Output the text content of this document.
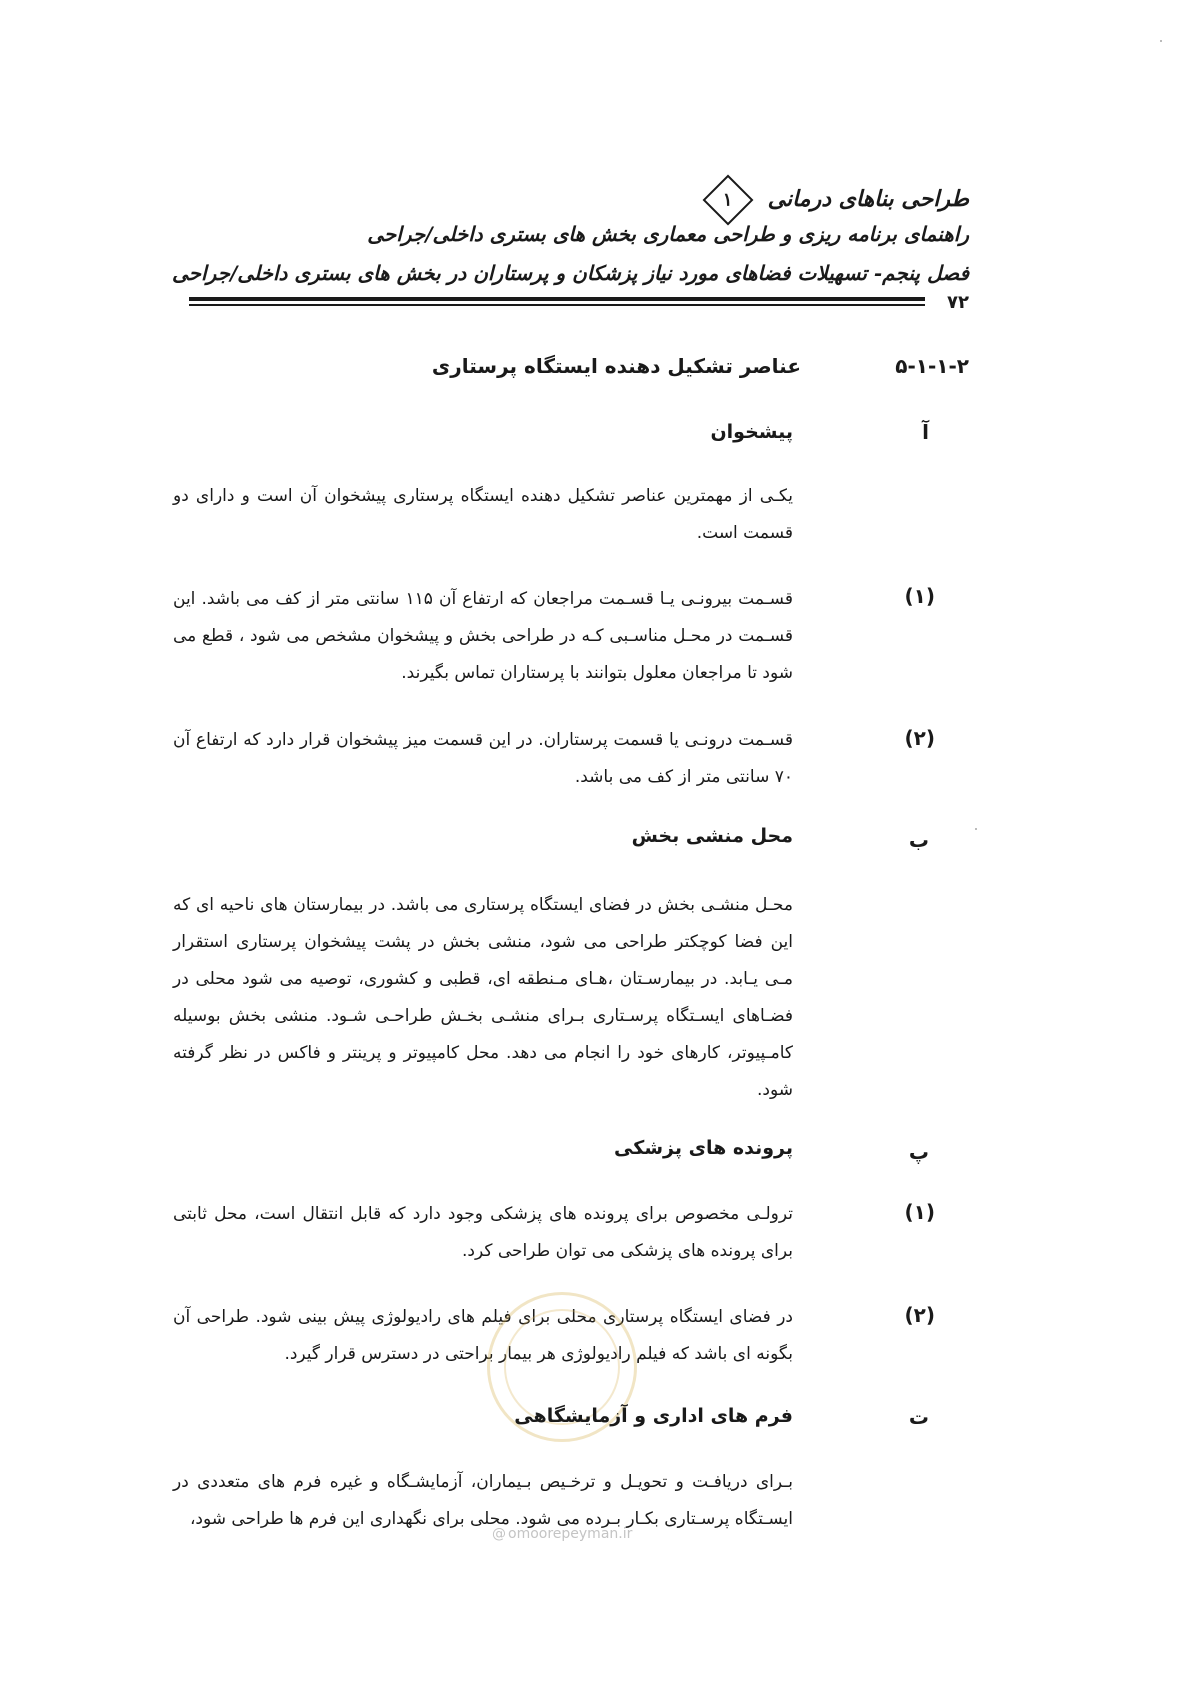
طراحی بناهای درمانی
۱
راهنمای برنامه ریزی و طراحی معماری بخش های بستری داخلی/جراحی
فصل پنجم- تسهیلات فضاهای مورد نیاز پزشکان و پرستاران در بخش های بستری داخلی/جراحی
۷۲
۵-۱-۱-۲
عناصر تشکیل دهنده ایستگاه پرستاری
آ
پیشخوان
یکـی از مهمترین عناصر تشکیل دهنده ایستگاه پرستاری پیشخوان آن است و دارای دو قسمت است.
(۱)
قسـمت بیرونـی یـا قسـمت مراجعان که ارتفاع آن ۱۱۵ سانتی متر از کف می باشد. این قسـمت در محـل مناسـبی کـه در طراحی بخش و پیشخوان مشخص می شود ، قطع می شود تا مراجعان معلول بتوانند با پرستاران تماس بگیرند.
(۲)
قسـمت درونـی یا قسمت پرستاران. در این قسمت میز پیشخوان قرار دارد که ارتفاع آن ۷۰ سانتی متر از کف می باشد.
ب
محل منشی بخش
محـل منشـی بخش در فضای ایستگاه پرستاری می باشد. در بیمارستان های ناحیه ای که این فضا کوچکتر طراحی می شود، منشی بخش در پشت پیشخوان پرستاری استقرار مـی یـابد. در بیمارسـتان ،هـای مـنطقه ای، قطبی و کشوری، توصیه می شود محلی در فضـاهای ایسـتگاه پرسـتاری بـرای منشـی بخـش طراحـی شـود. منشی بخش بوسیله کامـپیوتر، کارهای خود را انجام می دهد. محل کامپیوتر و پرینتر و فاکس در نظر گرفته شود.
پ
پرونده های پزشکی
(۱)
ترولـی مخصوص برای پرونده های پزشکی وجود دارد که قابل انتقال است، محل ثابتی برای پرونده های پزشکی می توان طراحی کرد.
(۲)
در فضای ایستگاه پرستاری محلی برای فیلم های رادیولوژی پیش بینی شود. طراحی آن بگونه ای باشد که فیلم رادیولوژی هر بیمار براحتی در دسترس قرار گیرد.
ت
فرم های اداری و آزمایشگاهی
بـرای دریافـت و تحویـل و ترخـیص بـیماران، آزمایشـگاه و غیره فرم های متعددی در ایسـتگاه پرسـتاری بکـار بـرده می شود. محلی برای نگهداری این فرم ها طراحی شود،
@ omoorepeyman.ir
